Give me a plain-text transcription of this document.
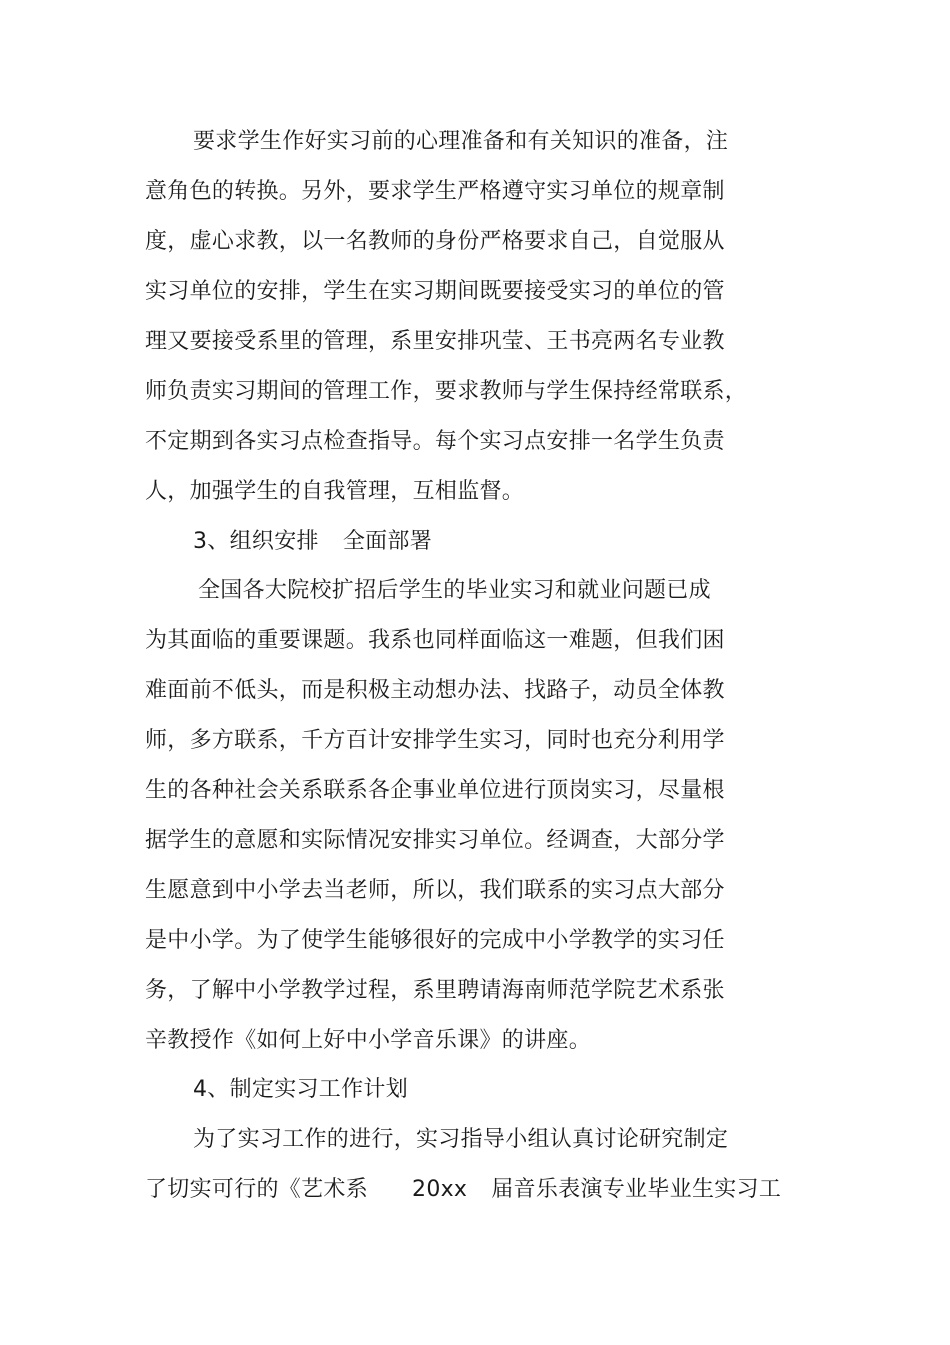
要求学生作好实习前的心理准备和有关知识的准备，注
意角色的转换。另外，要求学生严格遵守实习单位的规章制
度，虚心求教，以一名教师的身份严格要求自己，自觉服从
实习单位的安排，学生在实习期间既要接受实习的单位的管
理又要接受系里的管理，系里安排巩莹、王书亮两名专业教
师负责实习期间的管理工作，要求教师与学生保持经常联系，
不定期到各实习点检查指导。每个实习点安排一名学生负责
人，加强学生的自我管理，互相监督。
3、组织安排 全面部署
全国各大院校扩招后学生的毕业实习和就业问题已成
为其面临的重要课题。我系也同样面临这一难题，但我们困
难面前不低头，而是积极主动想办法、找路子，动员全体教
师，多方联系，千方百计安排学生实习，同时也充分利用学
生的各种社会关系联系各企事业单位进行顶岗实习，尽量根
据学生的意愿和实际情况安排实习单位。经调查，大部分学
生愿意到中小学去当老师，所以，我们联系的实习点大部分
是中小学。为了使学生能够很好的完成中小学教学的实习任
务，了解中小学教学过程，系里聘请海南师范学院艺术系张
辛教授作《如何上好中小学音乐课》的讲座。
4、制定实习工作计划
为了实习工作的进行，实习指导小组认真讨论研究制定
了切实可行的《艺术系 20xx 届音乐表演专业毕业生实习工
